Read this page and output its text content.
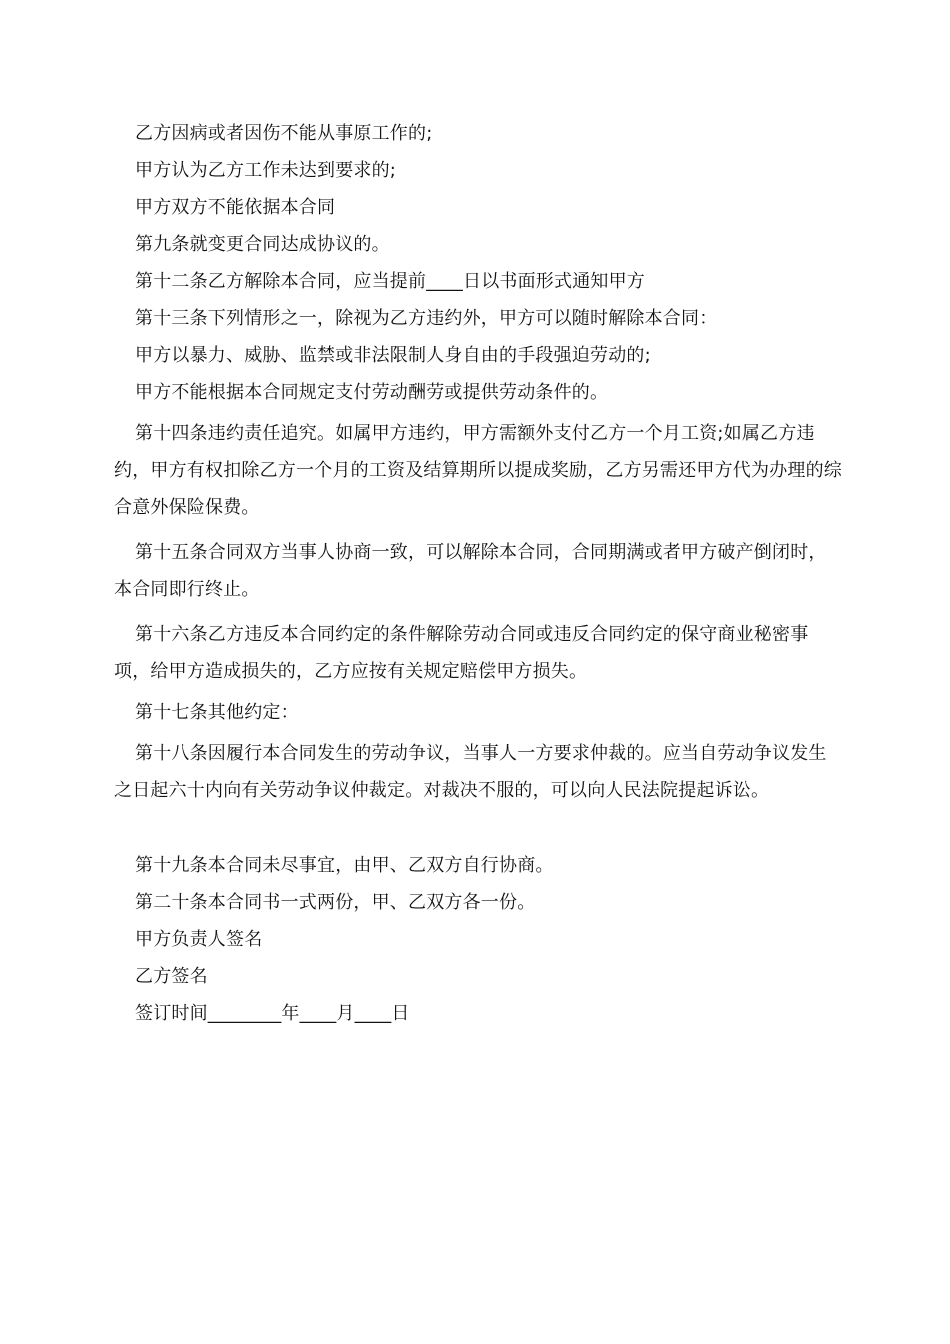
乙方因病或者因伤不能从事原工作的;

甲方认为乙方工作未达到要求的;

甲方双方不能依据本合同

第九条就变更合同达成协议的。

第十二条乙方解除本合同，应当提前____日以书面形式通知甲方

第十三条下列情形之一，除视为乙方违约外，甲方可以随时解除本合同：

甲方以暴力、威胁、监禁或非法限制人身自由的手段强迫劳动的;

甲方不能根据本合同规定支付劳动酬劳或提供劳动条件的。

第十四条违约责任追究。如属甲方违约，甲方需额外支付乙方一个月工资;如属乙方违约，甲方有权扣除乙方一个月的工资及结算期所以提成奖励，乙方另需还甲方代为办理的综合意外保险保费。

第十五条合同双方当事人协商一致，可以解除本合同，合同期满或者甲方破产倒闭时，本合同即行终止。

第十六条乙方违反本合同约定的条件解除劳动合同或违反合同约定的保守商业秘密事项，给甲方造成损失的，乙方应按有关规定赔偿甲方损失。

第十七条其他约定：

第十八条因履行本合同发生的劳动争议，当事人一方要求仲裁的。应当自劳动争议发生之日起六十内向有关劳动争议仲裁定。对裁决不服的，可以向人民法院提起诉讼。

第十九条本合同未尽事宜，由甲、乙双方自行协商。

第二十条本合同书一式两份，甲、乙双方各一份。

甲方负责人签名

乙方签名

签订时间________年____月____日
